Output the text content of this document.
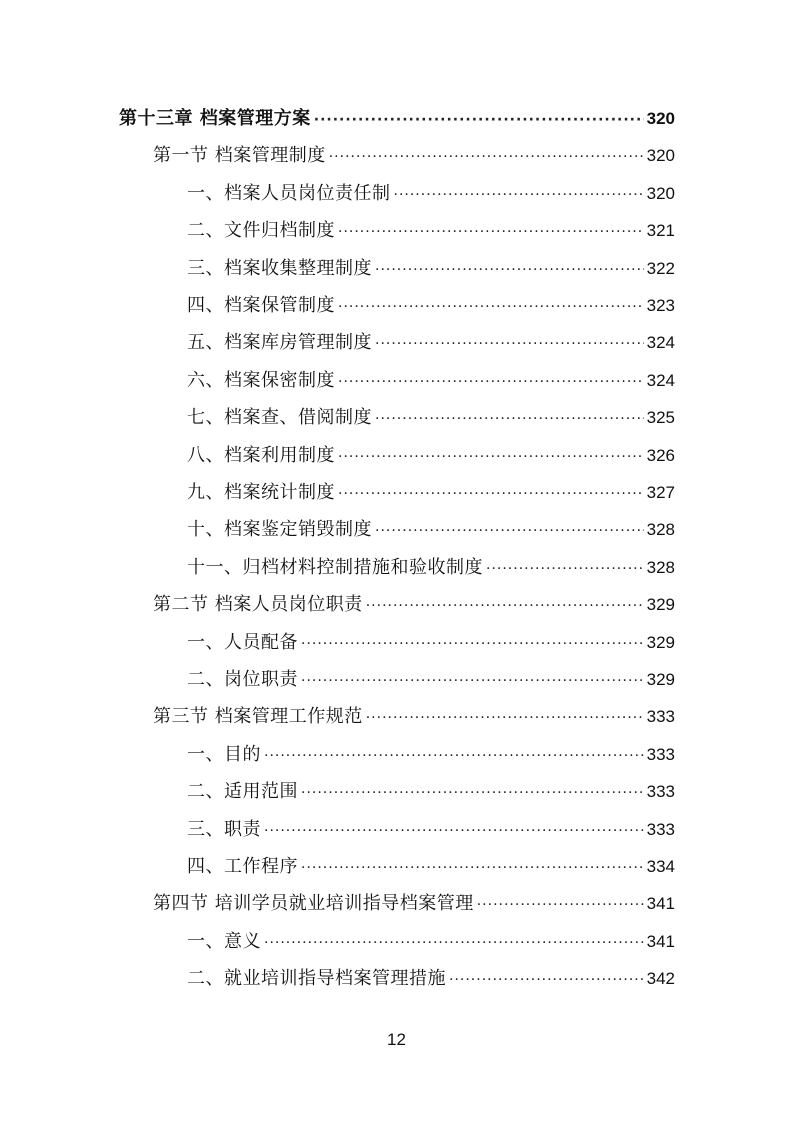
第十三章 档案管理方案 ·····	320
第一节 档案管理制度 ·····	320
一、档案人员岗位责任制 ·····	320
二、文件归档制度 ·····	321
三、档案收集整理制度 ·····	322
四、档案保管制度 ·····	323
五、档案库房管理制度 ·····	324
六、档案保密制度 ·····	324
七、档案查、借阅制度 ·····	325
八、档案利用制度 ·····	326
九、档案统计制度 ·····	327
十、档案鉴定销毁制度 ·····	328
十一、归档材料控制措施和验收制度 ·····	328
第二节 档案人员岗位职责 ·····	329
一、人员配备 ·····	329
二、岗位职责 ·····	329
第三节 档案管理工作规范 ·····	333
一、目的 ·····	333
二、适用范围 ·····	333
三、职责 ·····	333
四、工作程序 ·····	334
第四节 培训学员就业培训指导档案管理 ·····	341
一、意义 ·····	341
二、就业培训指导档案管理措施 ·····	342
12
